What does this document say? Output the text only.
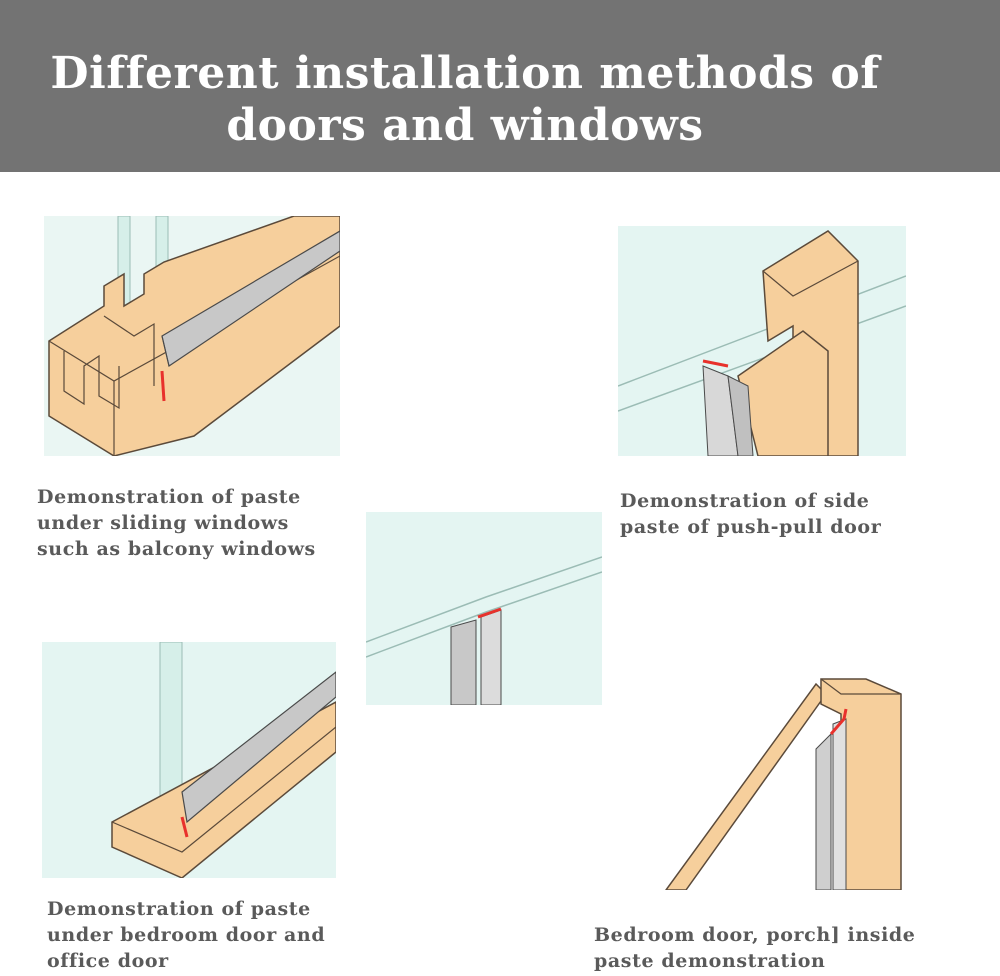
Different installation methods of
doors and windows
Demonstration of paste
under sliding windows
such as balcony windows
Demonstration of side
paste of push-pull door
Demonstration of paste
under bedroom door and
office door
Bedroom door, porch] inside
paste demonstration
